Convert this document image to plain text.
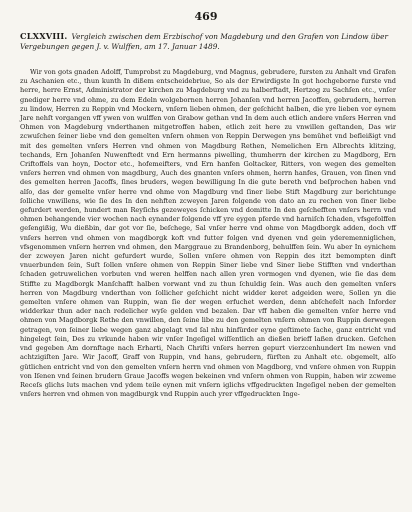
469
CLXXVIII. Vergleich zwischen dem Erzbischof von Magdeburg und den Grafen von Lindow über Vergebungen gegen J. v. Wulffen, am 17. Januar 1489.

Wir von gots gnaden Adolff, Tumprobst zu Magdeburg, vnd Magnus, gebrudere, fursten zu Anhalt vnd Grafen zu Aschanien etc., thun kunth In dißem entscheidebriue, So als der Erwirdigste In got hochgeborne furste vnd herre, herre Ernst, Administrator der kirchen zu Magdeburg vnd zu halberftadt, Hertzog zu Sachſen etc., vnſer gnediger herre vnd ohme, zu dem Edeln wolgebornen herren Johanſen vnd herren Jacoffen, gebrudern, herren zu lindow, Herren zu Reppin vnd Mockern, vnſern lieben ohmen, der geſchicht halben, die yre lieben vor eynem Jare nehſt vorgangen vff ywen von wulffen von Grabow gethan vnd In dem auch etlich andere vnſers Herren vnd Ohmen von Magdeburg vnderthanen mitgetroffen haben, etlich zeit here zu vnwillen geſtanden, Das wir zcwuſchen ſeiner liebe vnd den gemelten vnſern ohmen von Reppin Derwegen yns bemühet vnd befleißigt vnd mit des gemelten vnſers Herren vnd ohmen von Magdburg Rethen, Nemelichen Ern Albrechts klitzing, techands, Ern Johanſen Nuwenftedt vnd Ern hermanns piwelling, thumherrn der kirchen zu Magdborg, Ern Criftoffels van hoyn, Doctor etc., hofemeifters, vnd Ern hanfen Goltacker, Ritters, von wegen des gemelten vnſers herren vnd ohmen von magdburg, Auch des gnanten vnſers ohmen, herrn hanfes, Grauen, von ſinen vnd des gemelten herren Jacoffs, ſines bruders, wegen bewilligung In die gute bereth vnd beſprochen haben vnd alſo, das der gemelte vnſer herre vnd ohme von Magdburg vnd ſiner liebe Stift Magdburg zur berichtunge ſolliche vnwillens, wie ſie des In den nehften zcweyen Jaren folgende von dato an zu rechen von ſiner liebe gefurdert werden, hundert man Reyſichs gezeweyes ſchicken vnd domitte In den geſchefften vnſers herrn vnd ohmen behangende vier wochen nach eynander folgende vff yre eygen pferde vnd harniſch ſchaden, vfsgefolffen geſengißig, Wu dießbin, dar got vor ſie, beſchege, Sal vnſer herre vnd ohme von Magdborgk adden, doch vff vnſers herren vnd ohmen von magdborgk koft vnd futter folgen vnd dyenen vnd gein yderemenniglichen, vfsgenommen vnſern herren vnd ohmen, den Marggraue zu Brandenborg, behulffen ſein. Wu aber In eynichem der zcweyen Jaren nicht gefurdert wurde, Sollen vnſere ohmen von Reppin des itzt bemompten dinft vnuerbunden ſein, Suſt ſollen vnſere ohmen von Reppin Siner liebe vnd Siner liebe Stifften vnd vnderthan ſchaden getruwelichen vorbuten vnd weren helffen nach allen yren vormogen vnd dyenen, wie ſie das dem Stiffte zu Magdborgk Manſchafft halben vorwant vnd zu thun ſchuldig ſein. Was auch den gemelten vnſers herren von Magdburg vnderthan von ſollicher geſchicht nicht widder keret adgeiden were, Sollen yn die gemelten vnſere ohmen van Ruppin, wan ſie der wegen erfuchet werden, denn abſchefelt nach Inforder widderkar thun ader nach redelicher wyſe gelden vnd bezalen. Dar vff haben die gemelten vnſer herre vnd ohmen von Magdborgk Rethe den vnwillen, den ſeine libe zu den gemelten vnſern ohmen von Ruppin derwegen getragen, von ſeiner liebe wegen ganz abgelagt vnd ſal nhu hinfürder eyne geſtimete ſache, ganz entricht vnd hingelegt ſein, Des zu vrkunde haben wir vnſer Ingeſigel wiſſentlich an dießen brieff laßen drucken. Gefchen vnd gegeben Am dornftage nach Erharti, Nach Chriſti vnſers herren gepurt vierzcenhundert Im newen vnd achtzigiſten Jare. Wir Jacoff, Graff von Ruppin, vnd hans, gebrudern, fürſten zu Anhalt etc. obgemelt, alſo gütlichen entricht vnd von den gemelten vnſern herrn vnd ohmen von Magdborg, vnd vnſere ohmen von Ruppin von Iſenen vnd ſeinen brudern Graue Jacoffs wegen bekeinen vnd vnſern ohmen von Ruppin, haben wir zcweme Receſs glichs luts machen vnd ydem teile eynen mit vnſern iglichs vffgedruckten Ingeſigel neben der gemelten vnſers herren vnd ohmen von magdburgk vnd Ruppin auch yrer vffgedruckten Inge-
